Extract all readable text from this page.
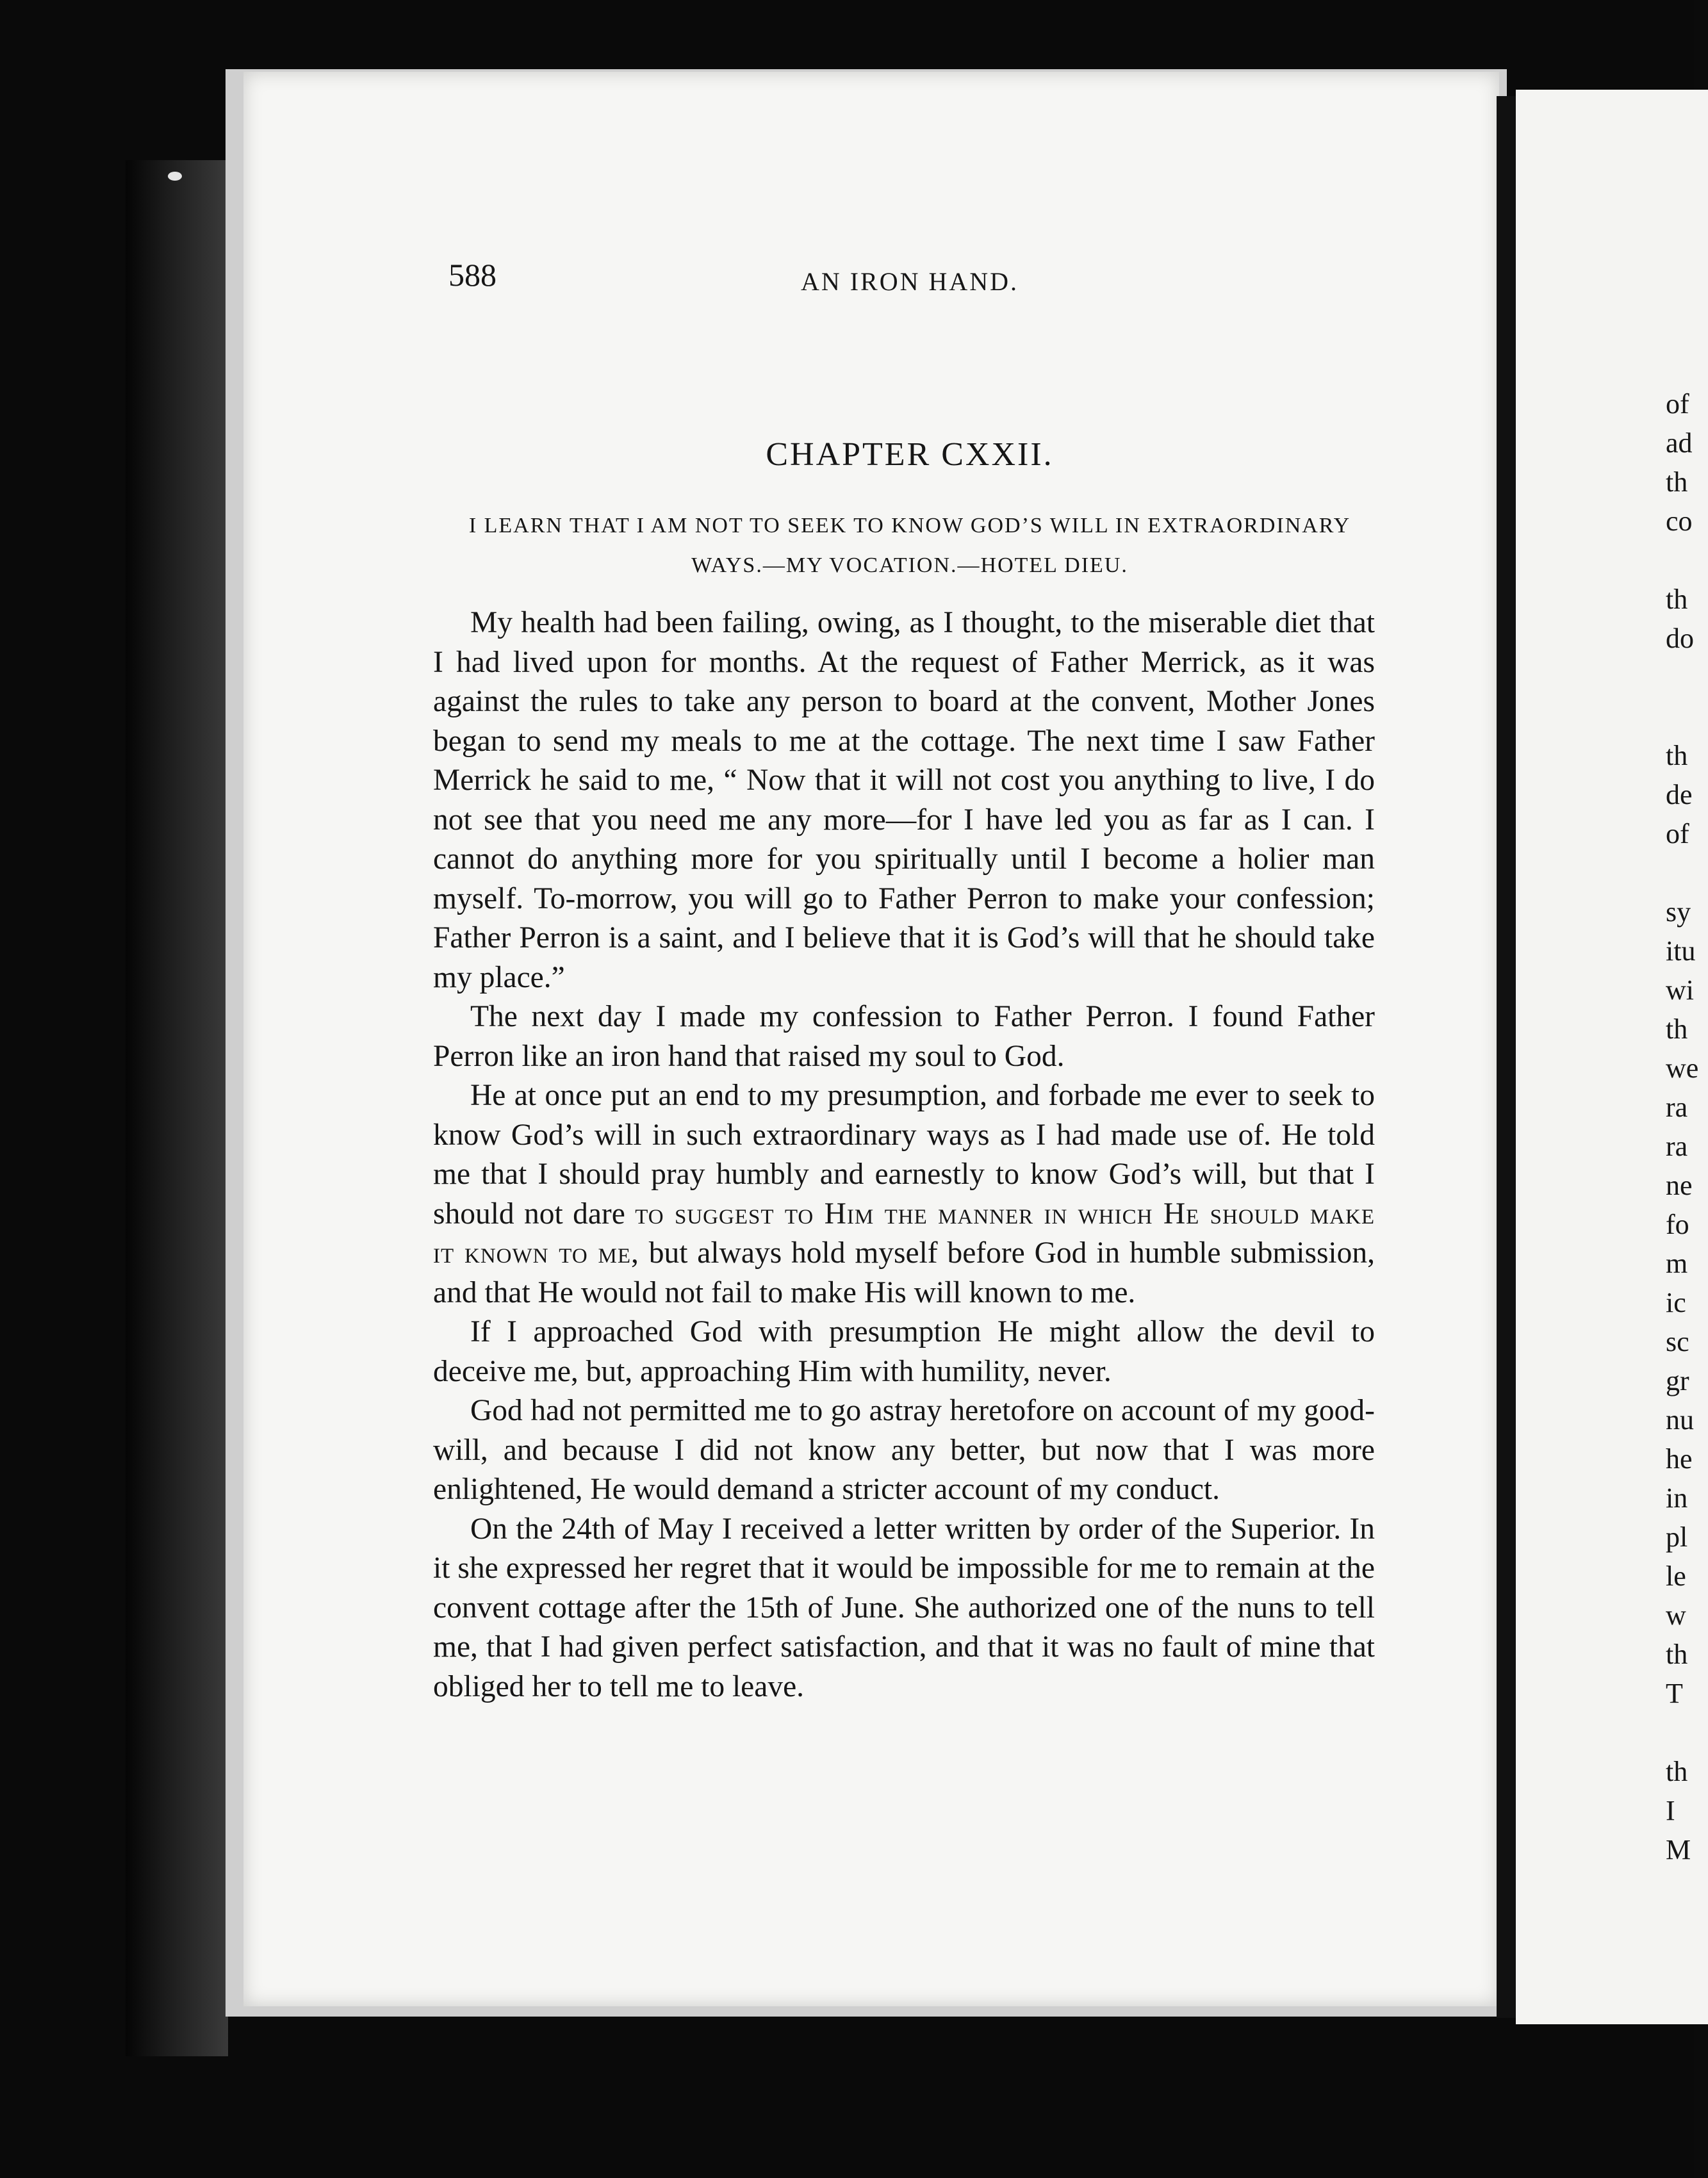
of
ad
th
co
th
do
th
de
of
sy
itu
wi
th
we
ra
ra
ne
fo
m
ic
sc
gr
nu
he
in
pl
le
w
th
T
th
I
M
588	AN IRON HAND.
CHAPTER CXXII.
I LEARN THAT I AM NOT TO SEEK TO KNOW GOD’S WILL IN EXTRAORDINARY WAYS.—MY VOCATION.—HOTEL DIEU.

My health had been failing, owing, as I thought, to the miserable diet that I had lived upon for months. At the request of Father Merrick, as it was against the rules to take any person to board at the convent, Mother Jones began to send my meals to me at the cottage. The next time I saw Father Merrick he said to me, “ Now that it will not cost you anything to live, I do not see that you need me any more—for I have led you as far as I can. I cannot do anything more for you spiritually until I become a holier man myself. To-morrow, you will go to Father Perron to make your confession; Father Perron is a saint, and I believe that it is God’s will that he should take my place.”

The next day I made my confession to Father Perron. I found Father Perron like an iron hand that raised my soul to God.

He at once put an end to my presumption, and forbade me ever to seek to know God’s will in such extraordinary ways as I had made use of. He told me that I should pray humbly and earnestly to know God’s will, but that I should not dare to suggest to Him the manner in which He should make it known to me, but always hold myself before God in humble submission, and that He would not fail to make His will known to me.

If I approached God with presumption He might allow the devil to deceive me, but, approaching Him with humility, never.

God had not permitted me to go astray heretofore on account of my good-will, and because I did not know any better, but now that I was more enlightened, He would demand a stricter account of my conduct.

On the 24th of May I received a letter written by order of the Superior. In it she expressed her regret that it would be impossible for me to remain at the convent cottage after the 15th of June. She authorized one of the nuns to tell me, that I had given perfect satisfaction, and that it was no fault of mine that obliged her to tell me to leave.
